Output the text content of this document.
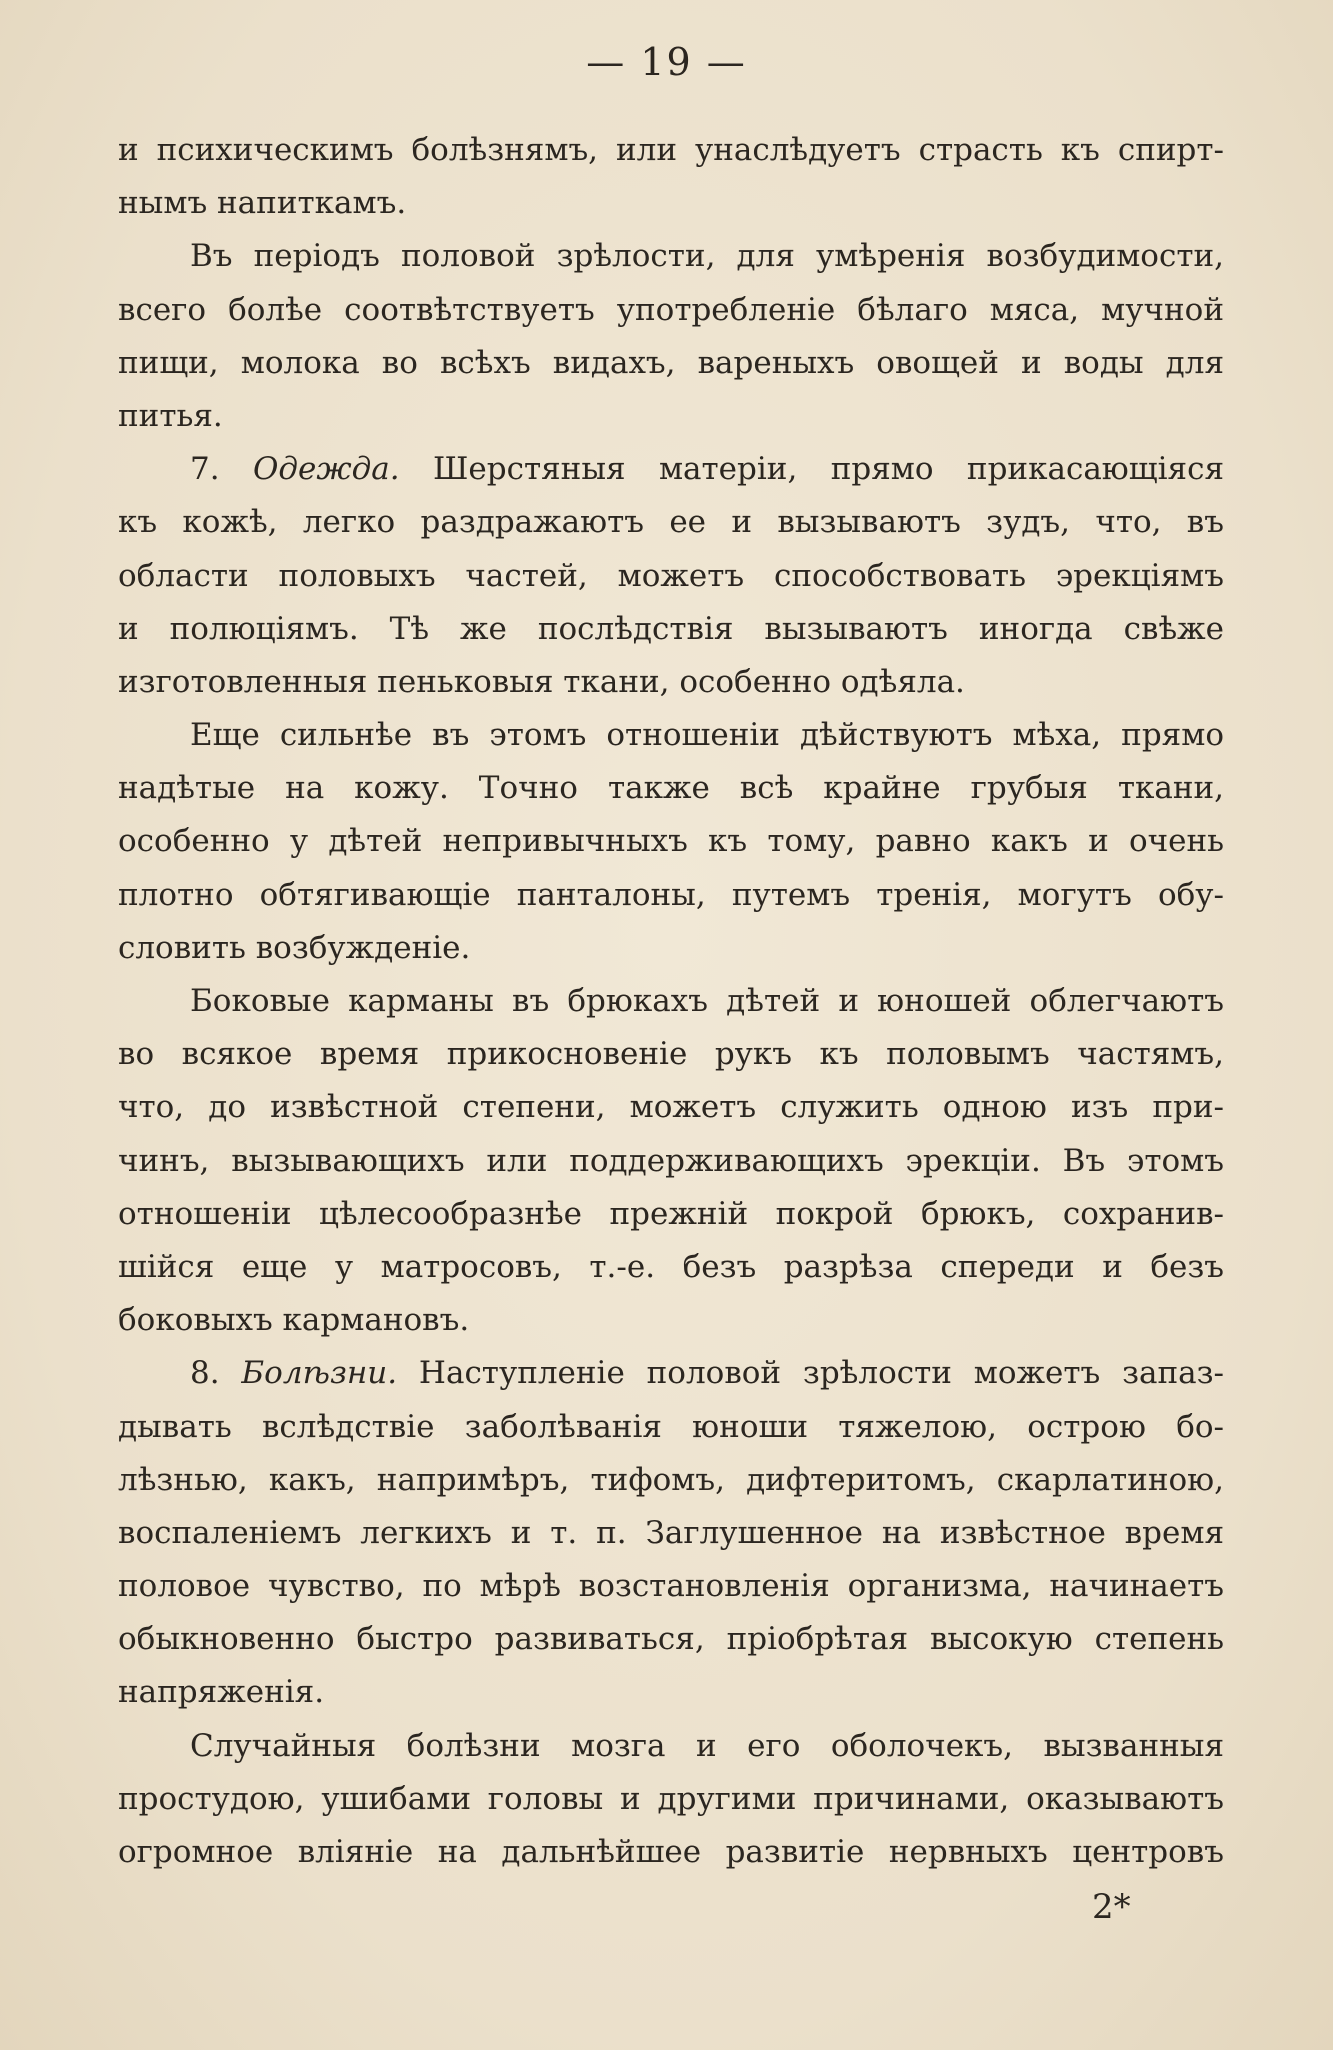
— 19 —
и психическимъ болѣзнямъ, или унаслѣдуетъ страсть къ спирт-
нымъ напиткамъ.
Въ періодъ половой зрѣлости, для умѣренія возбудимости,
всего болѣе соотвѣтствуетъ употребленіе бѣлаго мяса, мучной
пищи, молока во всѣхъ видахъ, вареныхъ овощей и воды для
питья.
7. Одежда. Шерстяныя матеріи, прямо прикасающіяся
къ кожѣ, легко раздражаютъ ее и вызываютъ зудъ, что, въ
области половыхъ частей, можетъ способствовать эрекціямъ
и полюціямъ. Тѣ же послѣдствія вызываютъ иногда свѣже
изготовленныя пеньковыя ткани, особенно одѣяла.
Еще сильнѣе въ этомъ отношеніи дѣйствуютъ мѣха, прямо
надѣтые на кожу. Точно также всѣ крайне грубыя ткани,
особенно у дѣтей непривычныхъ къ тому, равно какъ и очень
плотно обтягивающіе панталоны, путемъ тренія, могутъ обу-
словить возбужденіе.
Боковые карманы въ брюкахъ дѣтей и юношей облегчаютъ
во всякое время прикосновеніе рукъ къ половымъ частямъ,
что, до извѣстной степени, можетъ служить одною изъ при-
чинъ, вызывающихъ или поддерживающихъ эрекціи. Въ этомъ
отношеніи цѣлесообразнѣе прежній покрой брюкъ, сохранив-
шійся еще у матросовъ, т.-е. безъ разрѣза спереди и безъ
боковыхъ кармановъ.
8. Болѣзни. Наступленіе половой зрѣлости можетъ запаз-
дывать вслѣдствіе заболѣванія юноши тяжелою, острою бо-
лѣзнью, какъ, напримѣръ, тифомъ, дифтеритомъ, скарлатиною,
воспаленіемъ легкихъ и т. п. Заглушенное на извѣстное время
половое чувство, по мѣрѣ возстановленія организма, начинаетъ
обыкновенно быстро развиваться, пріобрѣтая высокую степень
напряженія.
Случайныя болѣзни мозга и его оболочекъ, вызванныя
простудою, ушибами головы и другими причинами, оказываютъ
огромное вліяніе на дальнѣйшее развитіе нервныхъ центровъ
2*
